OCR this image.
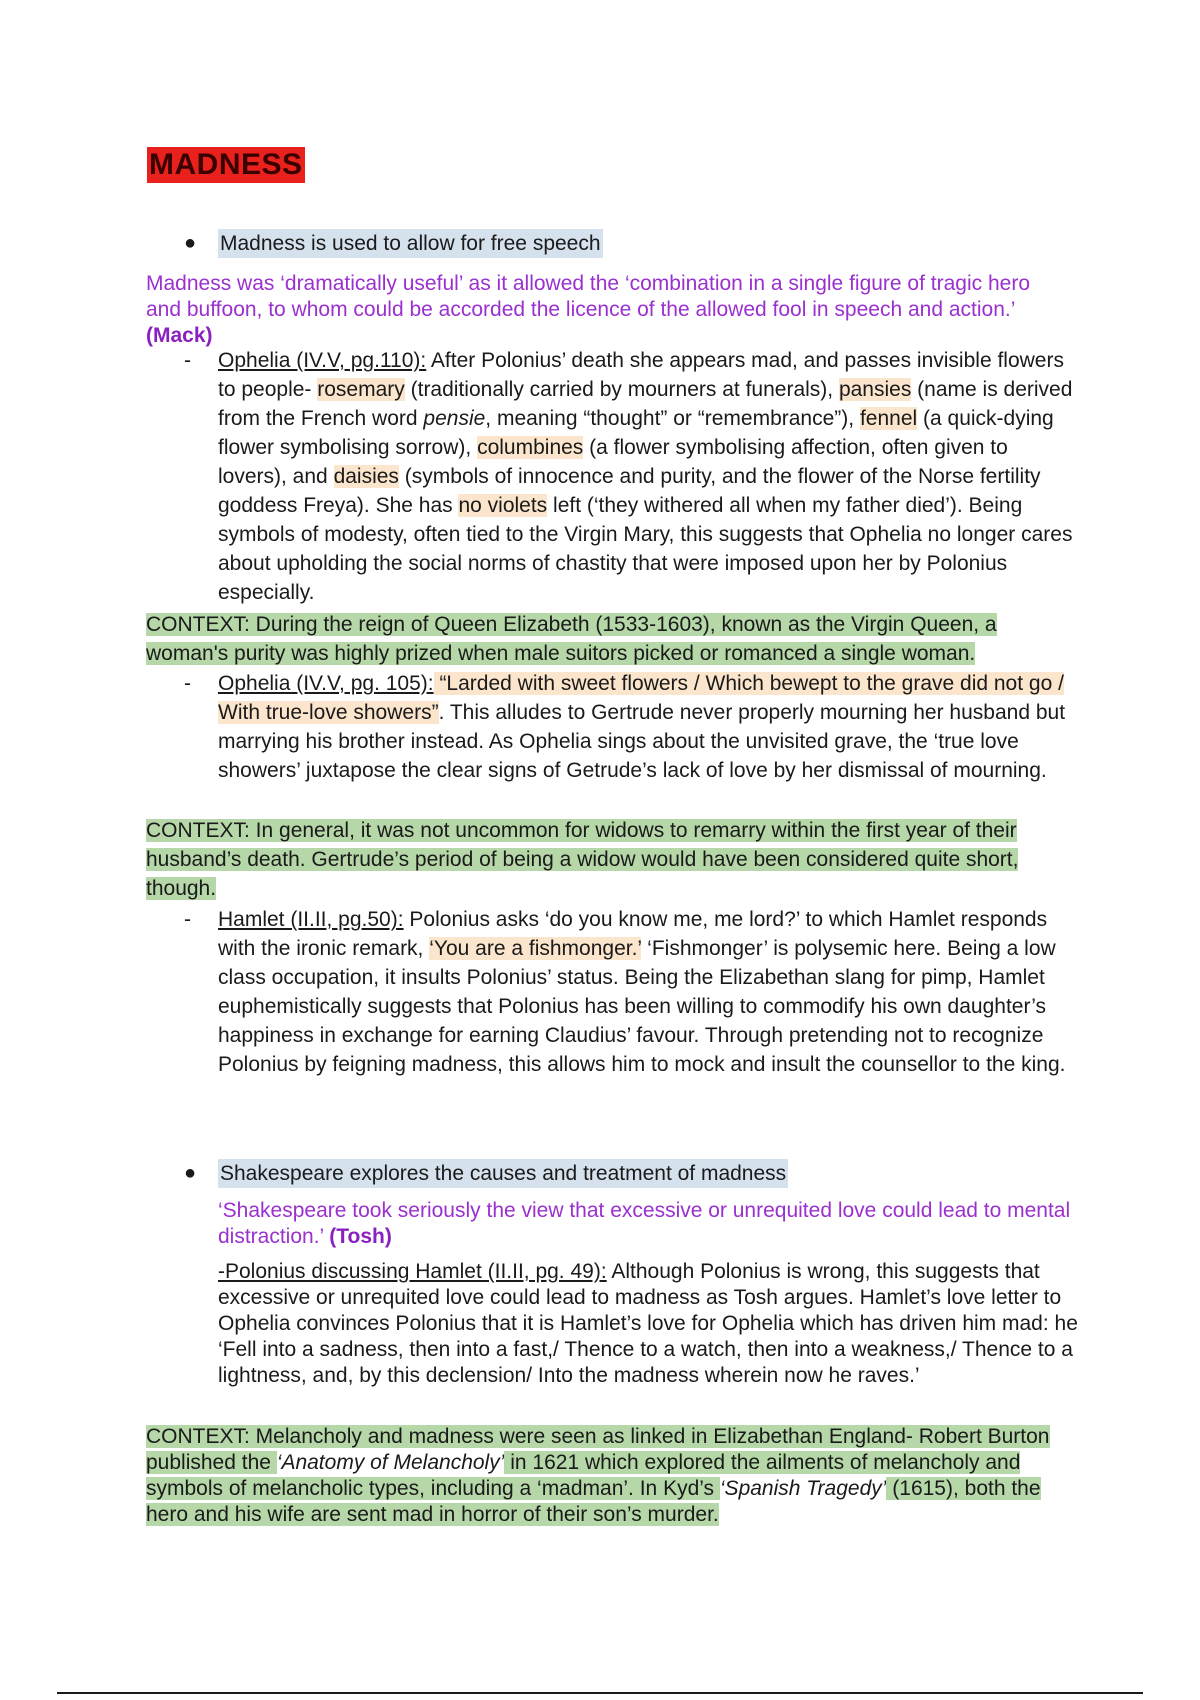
MADNESS
●	Madness is used to allow for free speech
Madness was ‘dramatically useful’ as it allowed the ‘combination in a single figure of tragic hero and buffoon, to whom could be accorded the licence of the allowed fool in speech and action.’ (Mack)
- Ophelia (IV.V, pg.110): After Polonius’ death she appears mad, and passes invisible flowers to people- rosemary (traditionally carried by mourners at funerals), pansies (name is derived from the French word pensie, meaning “thought” or “remembrance”), fennel (a quick-dying flower symbolising sorrow), columbines (a flower symbolising affection, often given to lovers), and daisies (symbols of innocence and purity, and the flower of the Norse fertility goddess Freya). She has no violets left (‘they withered all when my father died’). Being symbols of modesty, often tied to the Virgin Mary, this suggests that Ophelia no longer cares about upholding the social norms of chastity that were imposed upon her by Polonius especially.
CONTEXT: During the reign of Queen Elizabeth (1533-1603), known as the Virgin Queen, a woman's purity was highly prized when male suitors picked or romanced a single woman.
- Ophelia (IV.V, pg. 105): “Larded with sweet flowers / Which bewept to the grave did not go / With true-love showers”. This alludes to Gertrude never properly mourning her husband but marrying his brother instead. As Ophelia sings about the unvisited grave, the ‘true love showers’ juxtapose the clear signs of Getrude’s lack of love by her dismissal of mourning.
CONTEXT: In general, it was not uncommon for widows to remarry within the first year of their husband’s death. Gertrude’s period of being a widow would have been considered quite short, though.
- Hamlet (II.II, pg.50): Polonius asks ‘do you know me, me lord?’ to which Hamlet responds with the ironic remark, ‘You are a fishmonger.’ ‘Fishmonger’ is polysemic here. Being a low class occupation, it insults Polonius’ status. Being the Elizabethan slang for pimp, Hamlet euphemistically suggests that Polonius has been willing to commodify his own daughter’s happiness in exchange for earning Claudius’ favour. Through pretending not to recognize Polonius by feigning madness, this allows him to mock and insult the counsellor to the king.
●	Shakespeare explores the causes and treatment of madness
‘Shakespeare took seriously the view that excessive or unrequited love could lead to mental distraction.’ (Tosh)
-Polonius discussing Hamlet (II.II, pg. 49): Although Polonius is wrong, this suggests that excessive or unrequited love could lead to madness as Tosh argues. Hamlet’s love letter to Ophelia convinces Polonius that it is Hamlet’s love for Ophelia which has driven him mad: he ‘Fell into a sadness, then into a fast,/ Thence to a watch, then into a weakness,/ Thence to a lightness, and, by this declension/ Into the madness wherein now he raves.’
CONTEXT: Melancholy and madness were seen as linked in Elizabethan England- Robert Burton published the ‘Anatomy of Melancholy’ in 1621 which explored the ailments of melancholy and symbols of melancholic types, including a ‘madman’. In Kyd’s ‘Spanish Tragedy’ (1615), both the hero and his wife are sent mad in horror of their son’s murder.
